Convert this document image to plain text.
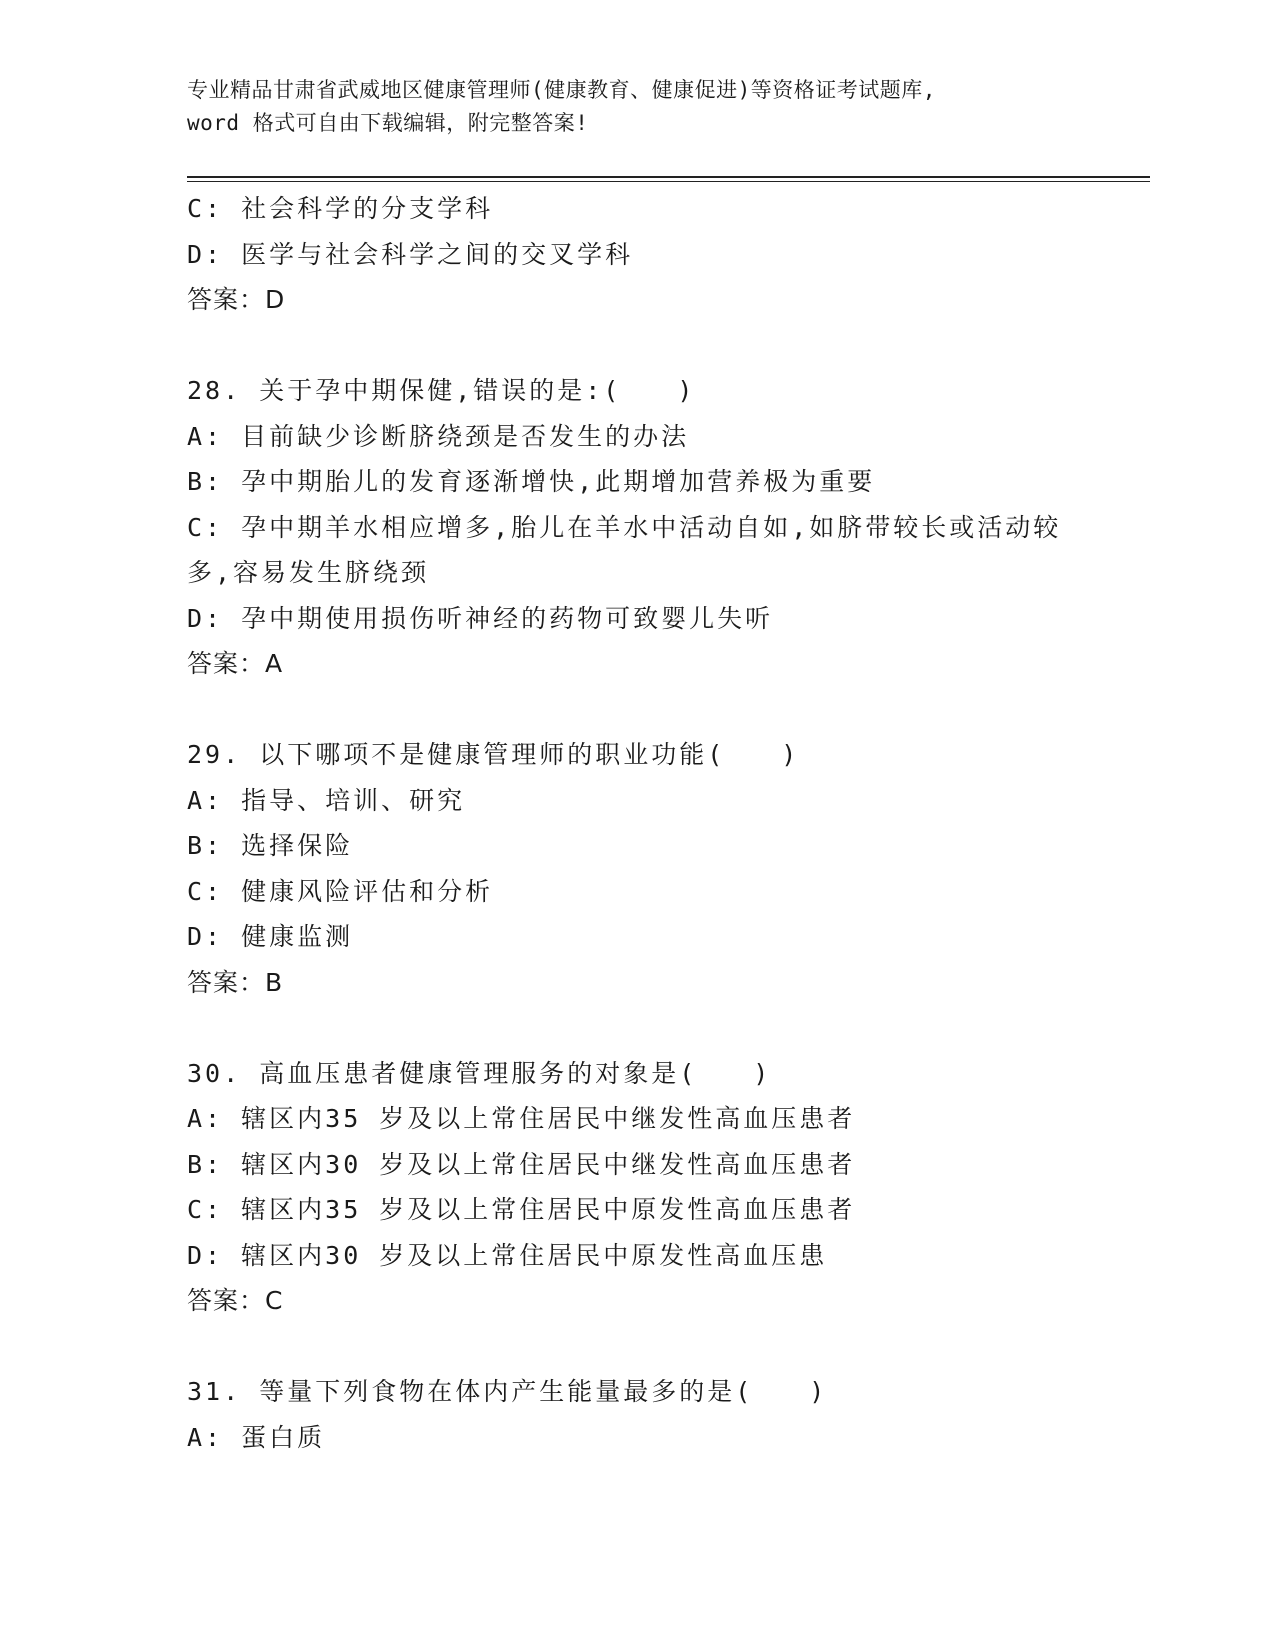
专业精品甘肃省武威地区健康管理师(健康教育、健康促进)等资格证考试题库,
word 格式可自由下载编辑，附完整答案!
C: 社会科学的分支学科
D: 医学与社会科学之间的交叉学科
答案：D
28. 关于孕中期保健,错误的是:(　　)
A: 目前缺少诊断脐绕颈是否发生的办法
B: 孕中期胎儿的发育逐渐增快,此期增加营养极为重要
C: 孕中期羊水相应增多,胎儿在羊水中活动自如,如脐带较长或活动较
多,容易发生脐绕颈
D: 孕中期使用损伤听神经的药物可致婴儿失听
答案：A
29. 以下哪项不是健康管理师的职业功能(　　)
A: 指导、培训、研究
B: 选择保险
C: 健康风险评估和分析
D: 健康监测
答案：B
30. 高血压患者健康管理服务的对象是(　　)
A: 辖区内35 岁及以上常住居民中继发性高血压患者
B: 辖区内30 岁及以上常住居民中继发性高血压患者
C: 辖区内35 岁及以上常住居民中原发性高血压患者
D: 辖区内30 岁及以上常住居民中原发性高血压患
答案：C
31. 等量下列食物在体内产生能量最多的是(　　)
A: 蛋白质
